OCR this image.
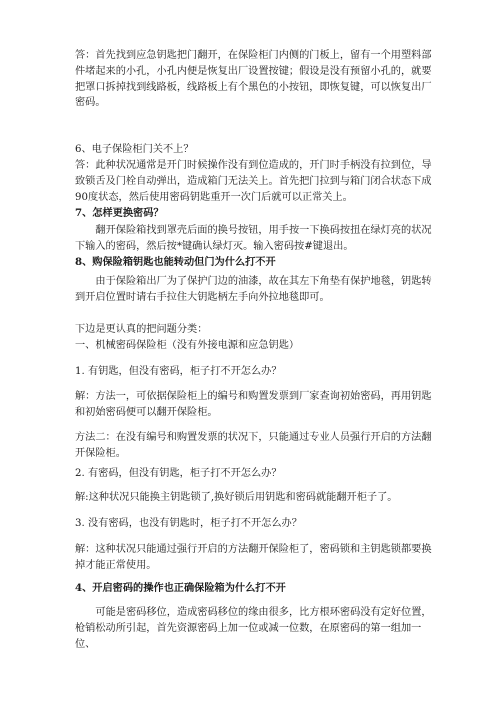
答：首先找到应急钥匙把门翻开，在保险柜门内侧的门板上，留有一个用塑料部件堵起来的小孔，小孔内便是恢复出厂设置按键；假设是没有预留小孔的，就要把罩口拆掉找到线路板，线路板上有个黑色的小按钮，即恢复键，可以恢复出厂密码。

6、电子保险柜门关不上？

答：此种状况通常是开门时候操作没有到位造成的，开门时手柄没有拉到位，导致锁舌及门栓自动弹出，造成箱门无法关上。首先把门拉到与箱门闭合状态下成90度状态，然后使用密码钥匙重开一次门后就可以正常关上。

7、怎样更换密码？

翻开保险箱找到罩壳后面的换号按钮，用手按一下换码按扭在绿灯亮的状况下输入的密码，然后按*键确认绿灯灭。输入密码按#键退出。

8、购保险箱钥匙也能转动但门为什么打不开

由于保险箱出厂为了保护门边的油漆，故在其左下角垫有保护地毯，钥匙转到开启位置时请右手拉住大钥匙柄左手向外拉地毯即可。

下边是更认真的把问题分类：

一、机械密码保险柜（没有外接电源和应急钥匙）

1. 有钥匙，但没有密码，柜子打不开怎么办？

解：方法一，可依据保险柜上的编号和购置发票到厂家查询初始密码，再用钥匙和初始密码便可以翻开保险柜。

方法二：在没有编号和购置发票的状况下，只能通过专业人员强行开启的方法翻开保险柜。

2. 有密码，但没有钥匙，柜子打不开怎么办？

解:这种状况只能换主钥匙锁了,换好锁后用钥匙和密码就能翻开柜子了。

3. 没有密码，也没有钥匙时，柜子打不开怎么办？

解：这种状况只能通过强行开启的方法翻开保险柜了，密码锁和主钥匙锁都要换掉才能正常使用。

4、开启密码的操作也正确保险箱为什么打不开

可能是密码移位，造成密码移位的缘由很多，比方根环密码没有定好位置，枪销松动所引起，首先资源密码上加一位或减一位数，在原密码的第一组加一位、
